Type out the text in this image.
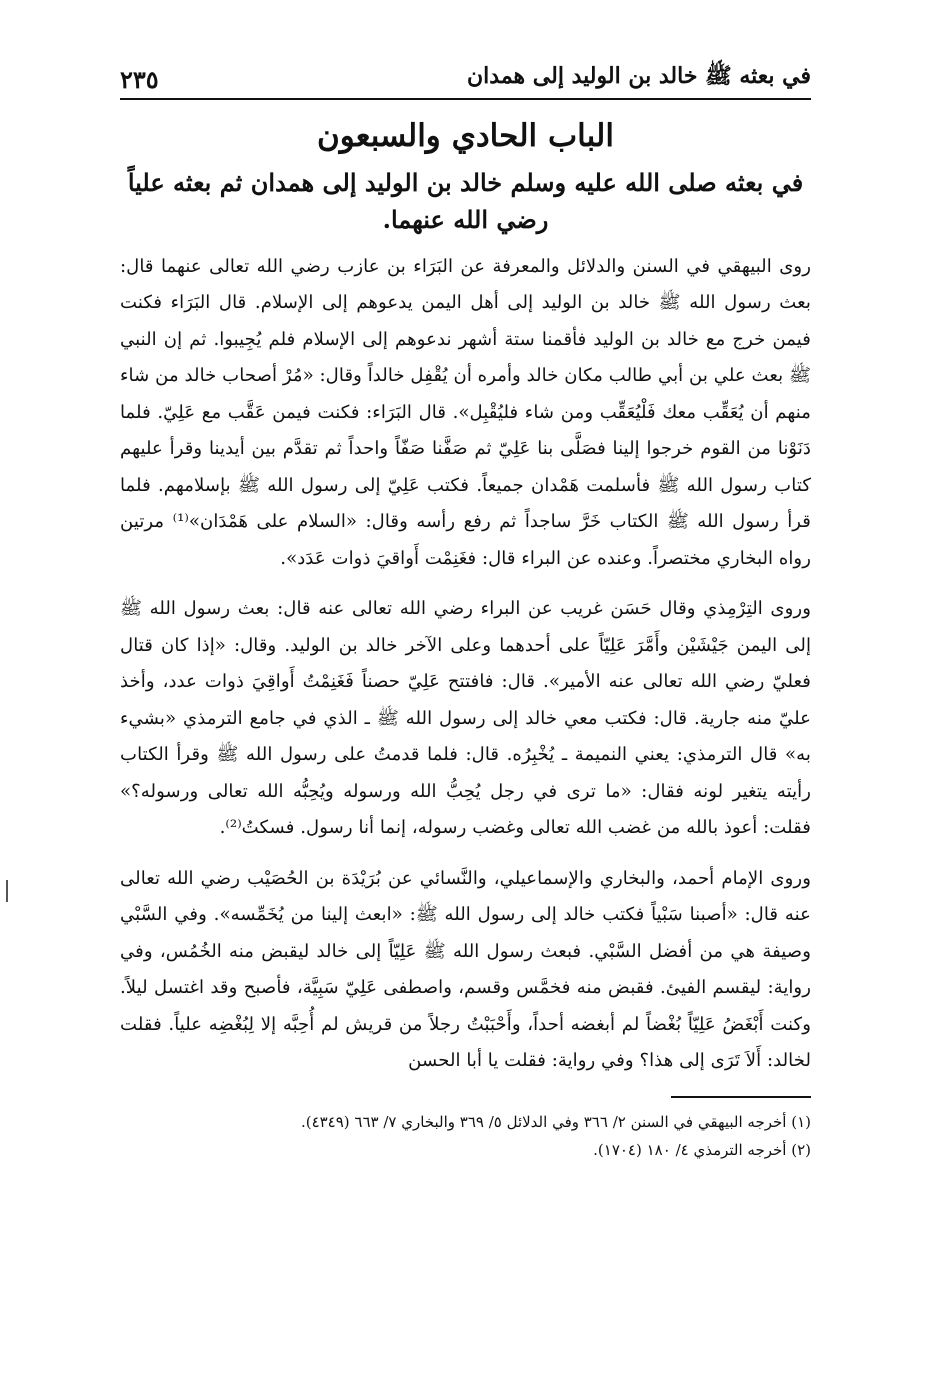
في بعثه ﷺ خالد بن الوليد إلى همدان
٢٣٥
الباب الحادي والسبعون
في بعثه صلى الله عليه وسلم خالد بن الوليد إلى همدان ثم بعثه علياً رضي الله عنهما.

روى البيهقي في السنن والدلائل والمعرفة عن البَرَاء بن عازب رضي الله تعالى عنهما قال: بعث رسول الله ﷺ خالد بن الوليد إلى أهل اليمن يدعوهم إلى الإسلام. قال البَرَاء فكنت فيمن خرج مع خالد بن الوليد فأقمنا ستة أشهر ندعوهم إلى الإسلام فلم يُجِيبوا. ثم إن النبي ﷺ بعث علي بن أبي طالب مكان خالد وأمره أن يُقْفِل خالداً وقال: «مُرْ أصحاب خالد من شاء منهم أن يُعَقِّب معك فَلْيُعَقِّب ومن شاء فليُقْبِل». قال البَرَاء: فكنت فيمن عَقَّب مع عَلِيّ. فلما دَنَوْنا من القوم خرجوا إلينا فصَلَّى بنا عَلِيّ ثم صَفَّنا صَفّاً واحداً ثم تقدَّم بين أيدينا وقرأ عليهم كتاب رسول الله ﷺ فأسلمت هَمْدان جميعاً. فكتب عَلِيّ إلى رسول الله ﷺ بإسلامهم. فلما قرأ رسول الله ﷺ الكتاب خَرَّ ساجداً ثم رفع رأسه وقال: «السلام على هَمْدَان»⁽¹⁾ مرتين رواه البخاري مختصراً. وعنده عن البراء قال: فغَنِمْت أَواقيَ ذوات عَدَد».

وروى التِرْمِذي وقال حَسَن غريب عن البراء رضي الله تعالى عنه قال: بعث رسول الله ﷺ إلى اليمن جَيْشَيْن وأَمَّرَ عَلِيّاً على أحدهما وعلى الآخر خالد بن الوليد. وقال: «إذا كان قتال فعليّ رضي الله تعالى عنه الأمير». قال: فافتتح عَلِيّ حصناً فَغَنِمْتُ أَواقِيَ ذوات عدد، وأخذ عليّ منه جارية. قال: فكتب معي خالد إلى رسول الله ﷺ ـ الذي في جامع الترمذي «بشيء به» قال الترمذي: يعني النميمة ـ يُخْبِرُه. قال: فلما قدمتُ على رسول الله ﷺ وقرأ الكتاب رأيته يتغير لونه فقال: «ما ترى في رجل يُحِبُّ الله ورسوله ويُحِبُّه الله تعالى ورسوله؟» فقلت: أعوذ بالله من غضب الله تعالى وغضب رسوله، إنما أنا رسول. فسكتُ⁽²⁾.

وروى الإمام أحمد، والبخاري والإسماعيلي، والنَّسائي عن بُرَيْدَة بن الحُصَيْب رضي الله تعالى عنه قال: «أصبنا سَبْياً فكتب خالد إلى رسول الله ﷺ: «ابعث إلينا من يُخَمِّسه». وفي السَّبْي وصيفة هي من أفضل السَّبْي. فبعث رسول الله ﷺ عَلِيّاً إلى خالد ليقبض منه الخُمُس، وفي رواية: ليقسم الفيئ. فقبض منه فخمَّس وقسم، واصطفى عَلِيّ سَبِيَّة، فأصبح وقد اغتسل ليلاً. وكنت أَبْغَضُ عَلِيّاً بُغْضاً لم أبغضه أحداً، وأَحْبَبْتُ رجلاً من قريش لم أُحِبَّه إلا لِبُغْضِه علياً. فقلت لخالد: أَلاَ تَرَى إلى هذا؟ وفي رواية: فقلت يا أبا الحسن

(١) أخرجه البيهقي في السنن ٢/ ٣٦٦ وفي الدلائل ٥/ ٣٦٩ والبخاري ٧/ ٦٦٣ (٤٣٤٩).

(٢) أخرجه الترمذي ٤/ ١٨٠ (١٧٠٤).
